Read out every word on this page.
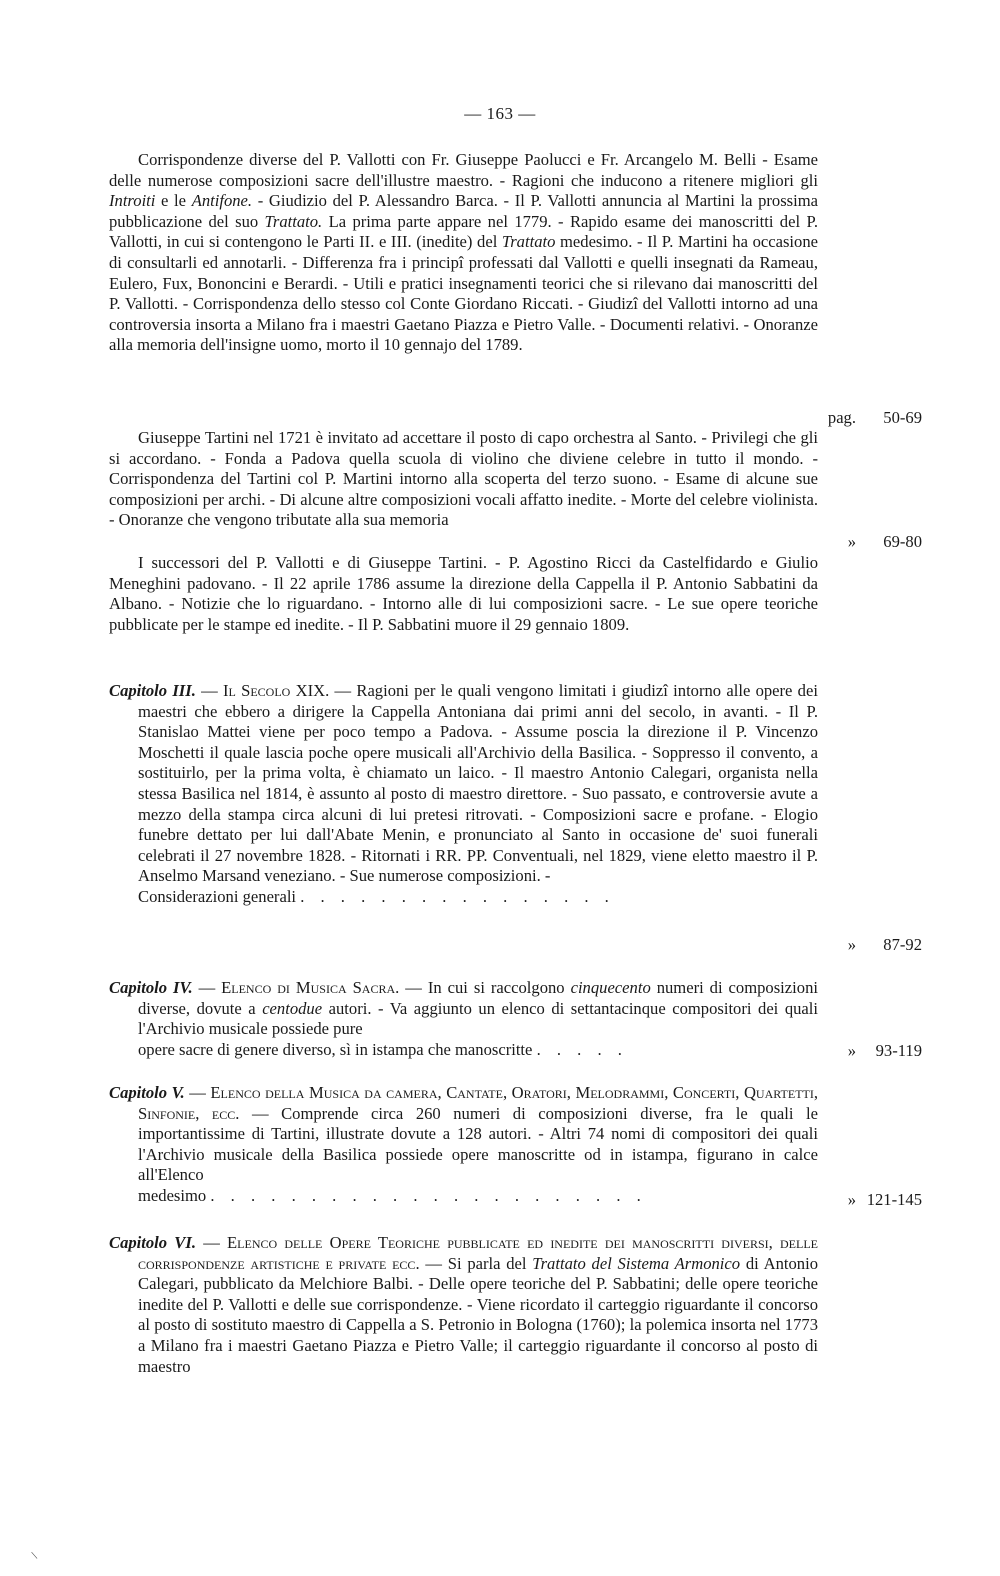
— 163 —

Corrispondenze diverse del P. Vallotti con Fr. Giuseppe Paolucci e Fr. Arcangelo M. Belli - Esame delle numerose composizioni sacre dell'illustre maestro. - Ragioni che inducono a ritenere migliori gli Introiti e le Antifone. - Giudizio del P. Alessandro Barca. - Il P. Vallotti annuncia al Martini la prossima pubblicazione del suo Trattato. La prima parte appare nel 1779. - Rapido esame dei manoscritti del P. Vallotti, in cui si contengono le Parti II. e III. (inedite) del Trattato medesimo. - Il P. Martini ha occasione di consultarli ed annotarli. - Differenza fra i principî professati dal Vallotti e quelli insegnati da Rameau, Eulero, Fux, Bononcini e Berardi. - Utili e pratici insegnamenti teorici che si rilevano dai manoscritti del P. Vallotti. - Corrispondenza dello stesso col Conte Giordano Riccati. - Giudizî del Vallotti intorno ad una controversia insorta a Milano fra i maestri Gaetano Piazza e Pietro Valle. - Documenti relativi. - Onoranze alla memoria dell'insigne uomo, morto il 10 gennajo del 1789.

pag. 50-69

Giuseppe Tartini nel 1721 è invitato ad accettare il posto di capo orchestra al Santo. - Privilegi che gli si accordano. - Fonda a Padova quella scuola di violino che diviene celebre in tutto il mondo. - Corrispondenza del Tartini col P. Martini intorno alla scoperta del terzo suono. - Esame di alcune sue composizioni per archi. - Di alcune altre composizioni vocali affatto inedite. - Morte del celebre violinista. - Onoranze che vengono tributate alla sua memoria

» 69-80

I successori del P. Vallotti e di Giuseppe Tartini. - P. Agostino Ricci da Castelfidardo e Giulio Meneghini padovano. - Il 22 aprile 1786 assume la direzione della Cappella il P. Antonio Sabbatini da Albano. - Notizie che lo riguardano. - Intorno alle di lui composizioni sacre. - Le sue opere teoriche pubblicate per le stampe ed inedite. - Il P. Sabbatini muore il 29 gennaio 1809.

Capitolo III. — Il Secolo XIX. — Ragioni per le quali vengono limitati i giudizî intorno alle opere dei maestri che ebbero a dirigere la Cappella Antoniana dai primi anni del secolo, in avanti. - Il P. Stanislao Mattei viene per poco tempo a Padova. - Assume poscia la direzione il P. Vincenzo Moschetti il quale lascia poche opere musicali all'Archivio della Basilica. - Soppresso il convento, a sostituirlo, per la prima volta, è chiamato un laico. - Il maestro Antonio Calegari, organista nella stessa Basilica nel 1814, è assunto al posto di maestro direttore. - Suo passato, e controversie avute a mezzo della stampa circa alcuni di lui pretesi ritrovati. - Composizioni sacre e profane. - Elogio funebre dettato per lui dall'Abate Menin, e pronunciato al Santo in occasione de' suoi funerali celebrati il 27 novembre 1828. - Ritornati i RR. PP. Conventuali, nel 1829, viene eletto maestro il P. Anselmo Marsand veneziano. - Sue numerose composizioni. -

Considerazioni generali . . . . . . . . . . . . . . . .

» 87-92

Capitolo IV. — Elenco di Musica Sacra. — In cui si raccolgono cinquecento numeri di composizioni diverse, dovute a centodue autori. - Va aggiunto un elenco di settantacinque compositori dei quali l'Archivio musicale possiede pure

opere sacre di genere diverso, sì in istampa che manoscritte . . . . .	» 93-119

Capitolo V. — Elenco della Musica da camera, Cantate, Oratori, Melodrammi, Concerti, Quartetti, Sinfonie, ecc. — Comprende circa 260 numeri di composizioni diverse, fra le quali le importantissime di Tartini, illustrate dovute a 128 autori. - Altri 74 nomi di compositori dei quali l'Archivio musicale della Basilica possiede opere manoscritte od in istampa, figurano in calce all'Elenco

medesimo . . . . . . . . . . . . . . . . . . . . . .	» 121-145

Capitolo VI. — Elenco delle Opere Teoriche pubblicate ed inedite dei manoscritti diversi, delle corrispondenze artistiche e private ecc. — Si parla del Trattato del Sistema Armonico di Antonio Calegari, pubblicato da Melchiore Balbi. - Delle opere teoriche del P. Sabbatini; delle opere teoriche inedite del P. Vallotti e delle sue corrispondenze. - Viene ricordato il carteggio riguardante il concorso al posto di sostituto maestro di Cappella a S. Petronio in Bologna (1760); la polemica insorta nel 1773 a Milano fra i maestri Gaetano Piazza e Pietro Valle; il carteggio riguardante il concorso al posto di maestro

/
